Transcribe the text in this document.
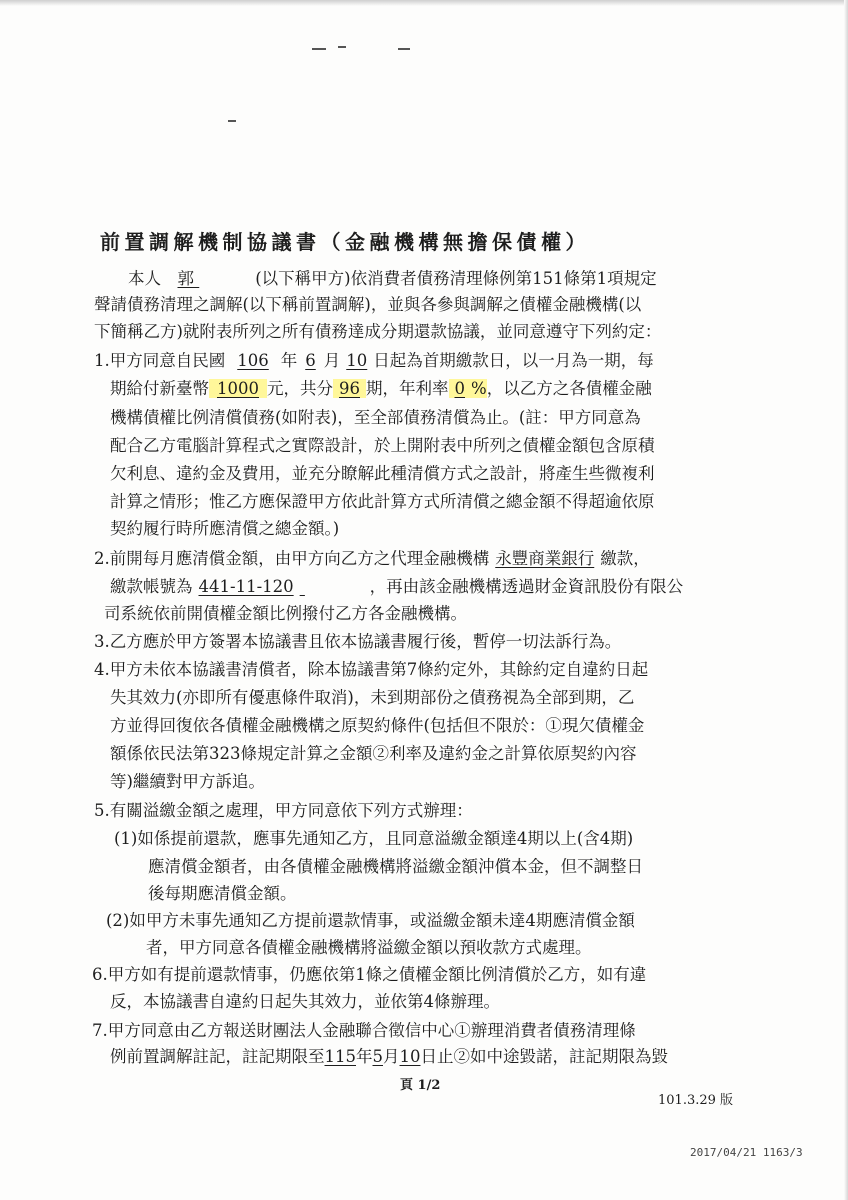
前置調解機制協議書（金融機構無擔保債權）
本人 郭	(以下稱甲方)依消費者債務清理條例第151條第1項規定
聲請債務清理之調解(以下稱前置調解)，並與各參與調解之債權金融機構(以
下簡稱乙方)就附表所列之所有債務達成分期還款協議，並同意遵守下列約定：
1.甲方同意自民國 106 年 6 月 10 日起為首期繳款日，以一月為一期，每
期給付新臺幣 1000 元，共分 96 期，年利率 0 %，以乙方之各債權金融
機構債權比例清償債務(如附表)，至全部債務清償為止。(註：甲方同意為
配合乙方電腦計算程式之實際設計，於上開附表中所列之債權金額包含原積
欠利息、違約金及費用，並充分瞭解此種清償方式之設計，將產生些微複利
計算之情形；惟乙方應保證甲方依此計算方式所清償之總金額不得超逾依原
契約履行時所應清償之總金額。)
2.前開每月應清償金額，由甲方向乙方之代理金融機構 永豐商業銀行 繳款，
繳款帳號為 441-11-120	，再由該金融機構透過財金資訊股份有限公
司系統依前開債權金額比例撥付乙方各金融機構。
3.乙方應於甲方簽署本協議書且依本協議書履行後，暫停一切法訴行為。
4.甲方未依本協議書清償者，除本協議書第7條約定外，其餘約定自違約日起
失其效力(亦即所有優惠條件取消)，未到期部份之債務視為全部到期，乙
方並得回復依各債權金融機構之原契約條件(包括但不限於：①現欠債權金
額係依民法第323條規定計算之金額②利率及違約金之計算依原契約內容
等)繼續對甲方訴追。
5.有關溢繳金額之處理，甲方同意依下列方式辦理：
(1)如係提前還款，應事先通知乙方，且同意溢繳金額達4期以上(含4期)
應清償金額者，由各債權金融機構將溢繳金額沖償本金，但不調整日
後每期應清償金額。
(2)如甲方未事先通知乙方提前還款情事，或溢繳金額未達4期應清償金額
者，甲方同意各債權金融機構將溢繳金額以預收款方式處理。
6.甲方如有提前還款情事，仍應依第1條之債權金額比例清償於乙方，如有違
反，本協議書自違約日起失其效力，並依第4條辦理。
7.甲方同意由乙方報送財團法人金融聯合徵信中心①辦理消費者債務清理條
例前置調解註記，註記期限至115年5月10日止②如中途毀諾，註記期限為毀
頁 1/2
101.3.29 版
2017/04/21 1163/3
